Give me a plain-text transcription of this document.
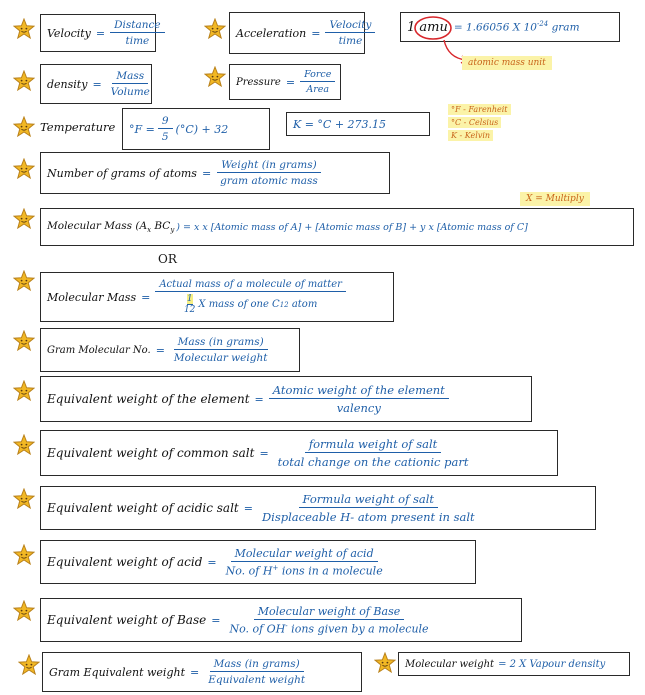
Velocity = $\frac{\text{Distance}}{\text{time}}$	Acceleration = $\frac{\text{Velocity}}{\text{time}} 1$ amu = 1.66056 X $10^{-24}$ gram
atomic mass unit
density = $\frac{\text{Mass}}{\text{Volume}}$	Pressure = $\frac{\text{Force}}{\text{Area}}$
Temperature $^\circ F = \frac{9}{5} (^\circ C) + 32$	K = °C + 273.15
°F - Farenheit
°C - Celsius
K - Kelvin
Number of grams of atoms = $\frac{\text{Weight (in grams)}}{\text{gram atomic mass}}$
X = Multiply
Molecular Mass ($A_x$ $BC_y$ ) = x x [Atomic mass of A] + [Atomic mass of B] + y x [Atomic mass of C]
OR
Molecular Mass = Actual mass of a molecule of matter
1
12 X mass of one C 12
atom
Gram Molecular No. = $\frac{\text{Mass (in grams)}}{\text{Molecular weight}}$
Equivalent weight of the element = $\frac{\text{Atomic weight of the element}}{\text{valency}}$
Equivalent weight of common salt = $\frac{\text{formula weight of salt}}{\text{total change on the cationic part}}$
Equivalent weight of acidic salt = $\frac{\text{Formula weight of salt}}{\text{Displaceable H- atom present in salt}}$
Equivalent weight of acid = $\frac{\text{Molecular weight of acid}}{No. of H^+ ions in a molecule}$
Equivalent weight of Base = $\frac{\text{Molecular weight of Base}}{No. of OH^- ions given by a molecule}$
Gram Equivalent weight = $\frac{\text{Mass (in grams)}}{\text{Equivalent weight}}$	Molecular weight = 2 X Vapour density
